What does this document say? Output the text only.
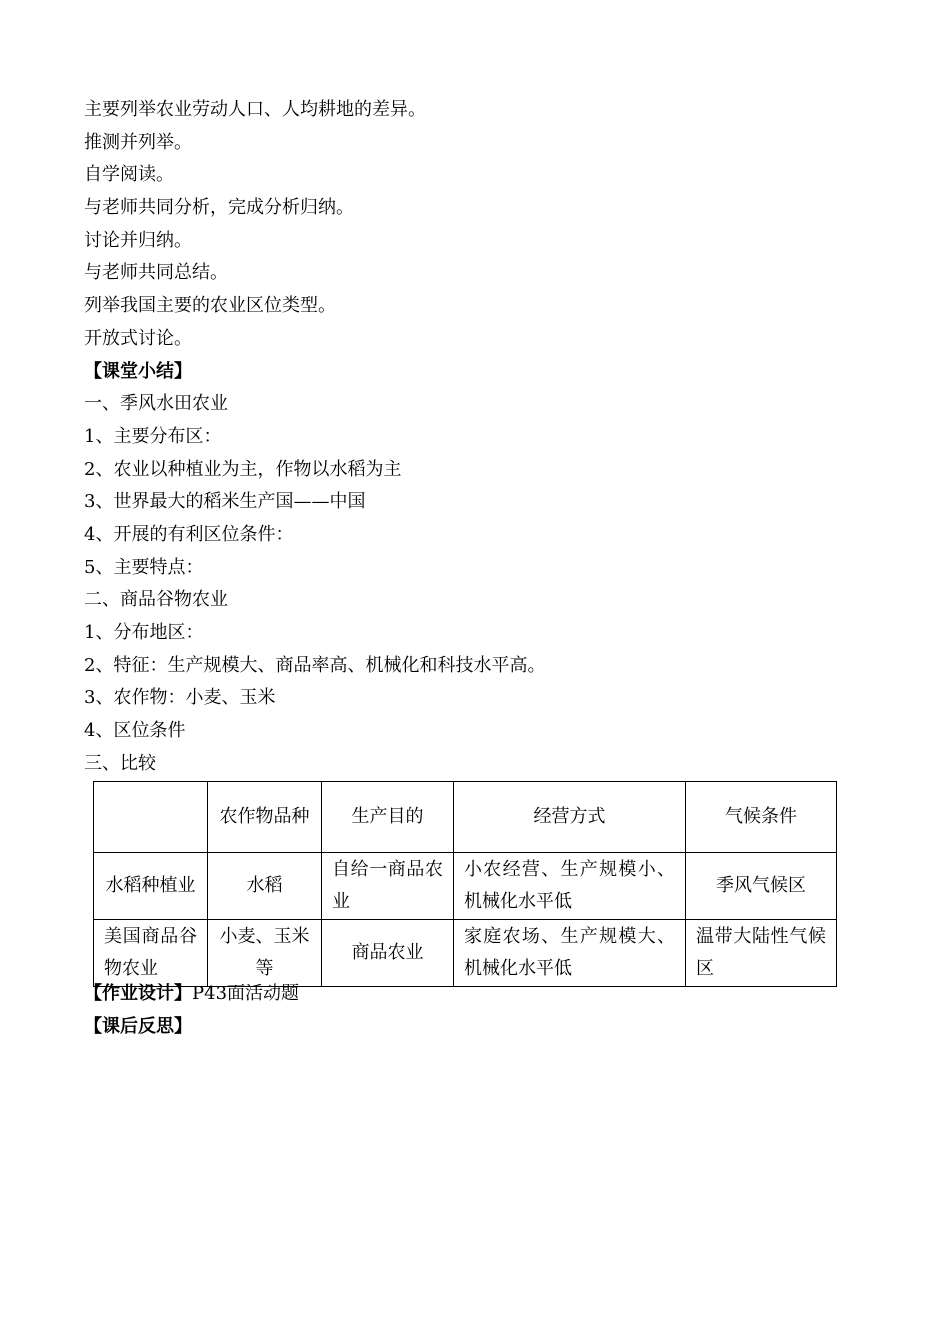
主要列举农业劳动人口、人均耕地的差异。
推测并列举。
自学阅读。
与老师共同分析，完成分析归纳。
讨论并归纳。
与老师共同总结。
列举我国主要的农业区位类型。
开放式讨论。
【课堂小结】
一、季风水田农业
1、主要分布区：
2、农业以种植业为主，作物以水稻为主
3、世界最大的稻米生产国——中国
4、开展的有利区位条件：
5、主要特点：
二、商品谷物农业
1、分布地区：
2、特征：生产规模大、商品率高、机械化和科技水平高。
3、农作物：小麦、玉米
4、区位条件
三、比较
	农作物品种	生产目的	经营方式	气候条件
水稻种植业	水稻	自给一商品农业	小农经营、生产规模小、机械化水平低	季风气候区
美国商品谷物农业	小麦、玉米等	商品农业	家庭农场、生产规模大、机械化水平低	温带大陆性气候区
【作业设计】P43面活动题
【课后反思】
